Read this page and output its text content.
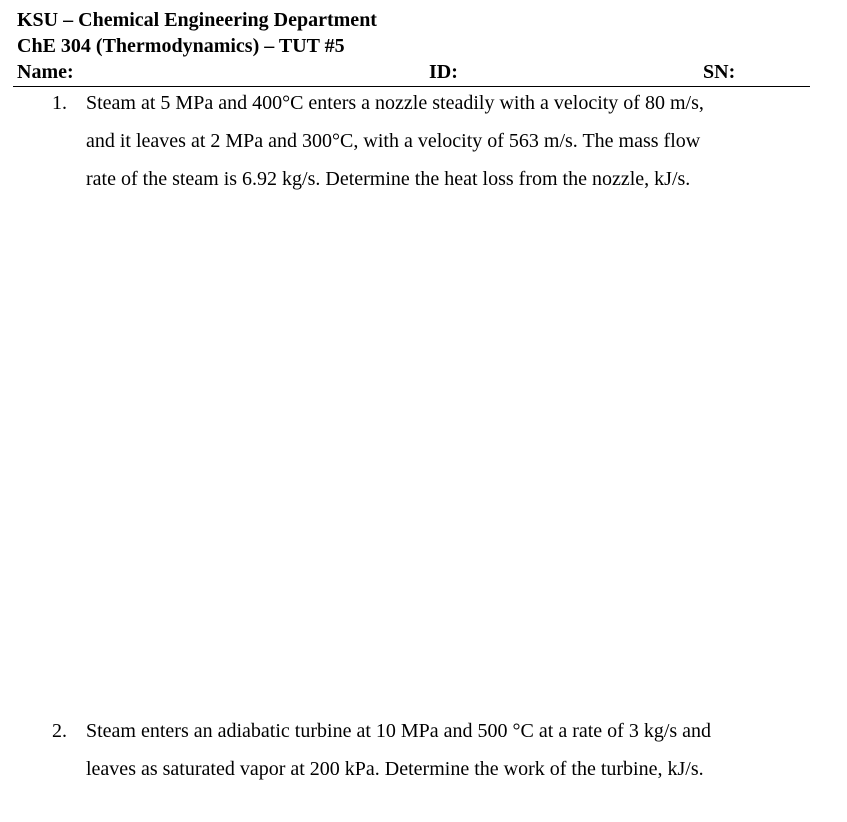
KSU – Chemical Engineering Department
ChE 304 (Thermodynamics) – TUT #5
Name:	ID:	SN:
1. Steam at 5 MPa and 400°C enters a nozzle steadily with a velocity of 80 m/s,
and it leaves at 2 MPa and 300°C, with a velocity of 563 m/s. The mass flow
rate of the steam is 6.92 kg/s. Determine the heat loss from the nozzle, kJ/s.
2. Steam enters an adiabatic turbine at 10 MPa and 500 °C at a rate of 3 kg/s and
leaves as saturated vapor at 200 kPa. Determine the work of the turbine, kJ/s.
